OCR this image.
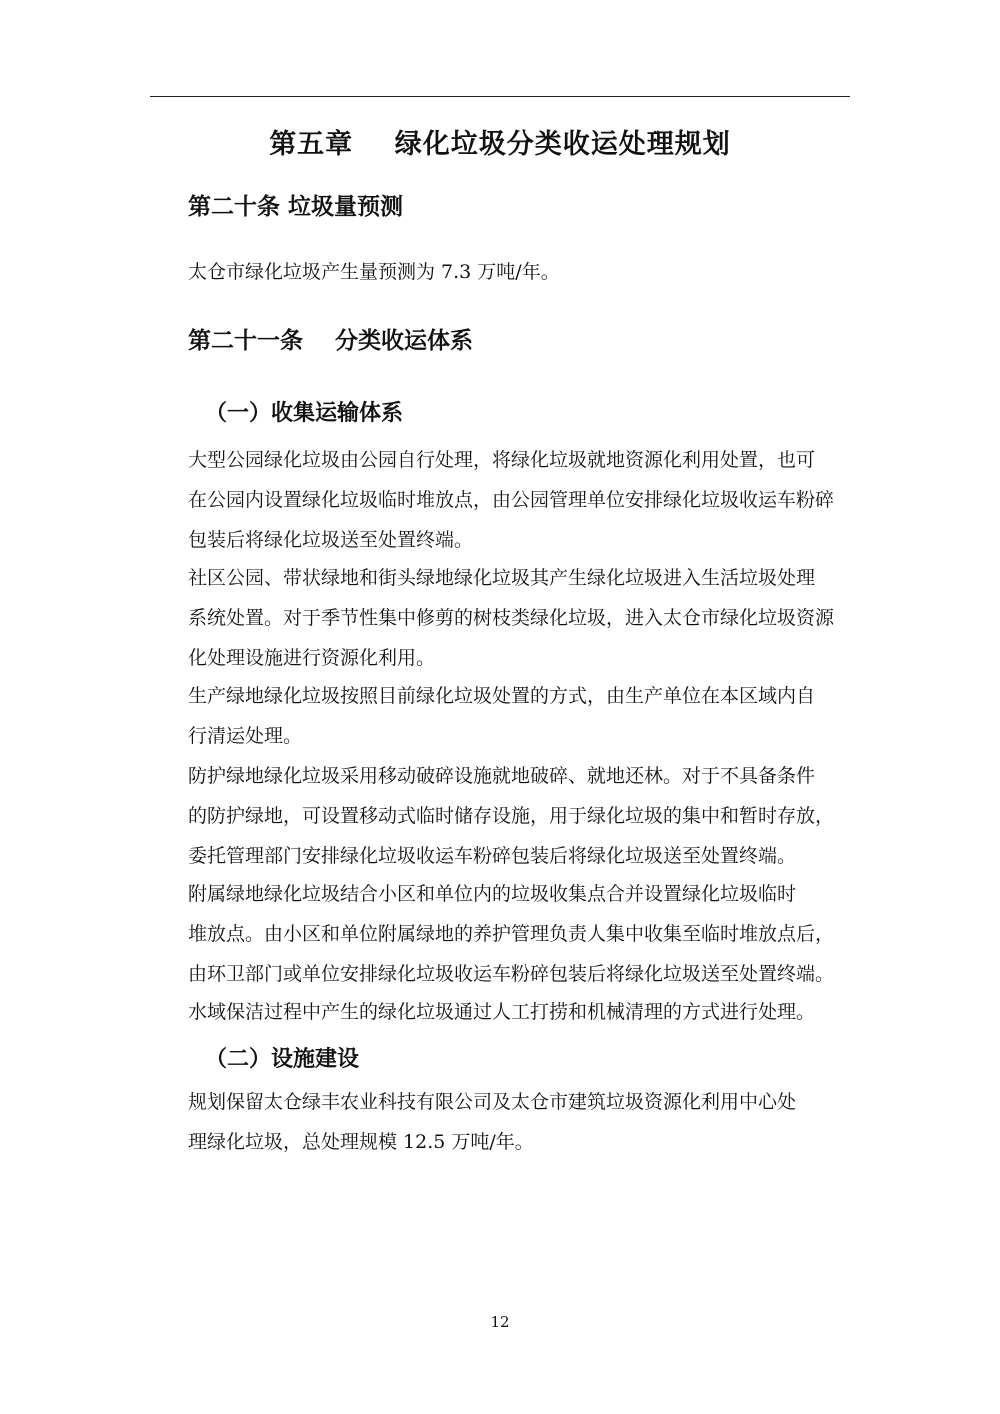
第五章    绿化垃圾分类收运处理规划
第二十条 垃圾量预测

太仓市绿化垃圾产生量预测为 7.3 万吨/年。

第二十一条    分类收运体系
（一）收集运输体系

大型公园绿化垃圾由公园自行处理，将绿化垃圾就地资源化利用处置，也可
在公园内设置绿化垃圾临时堆放点，由公园管理单位安排绿化垃圾收运车粉碎
包装后将绿化垃圾送至处置终端。

社区公园、带状绿地和街头绿地绿化垃圾其产生绿化垃圾进入生活垃圾处理
系统处置。对于季节性集中修剪的树枝类绿化垃圾，进入太仓市绿化垃圾资源
化处理设施进行资源化利用。

生产绿地绿化垃圾按照目前绿化垃圾处置的方式，由生产单位在本区域内自
行清运处理。

防护绿地绿化垃圾采用移动破碎设施就地破碎、就地还林。对于不具备条件
的防护绿地，可设置移动式临时储存设施，用于绿化垃圾的集中和暂时存放，
委托管理部门安排绿化垃圾收运车粉碎包装后将绿化垃圾送至处置终端。

附属绿地绿化垃圾结合小区和单位内的垃圾收集点合并设置绿化垃圾临时
堆放点。由小区和单位附属绿地的养护管理负责人集中收集至临时堆放点后，
由环卫部门或单位安排绿化垃圾收运车粉碎包装后将绿化垃圾送至处置终端。

水域保洁过程中产生的绿化垃圾通过人工打捞和机械清理的方式进行处理。

（二）设施建设

规划保留太仓绿丰农业科技有限公司及太仓市建筑垃圾资源化利用中心处
理绿化垃圾，总处理规模 12.5 万吨/年。

12
